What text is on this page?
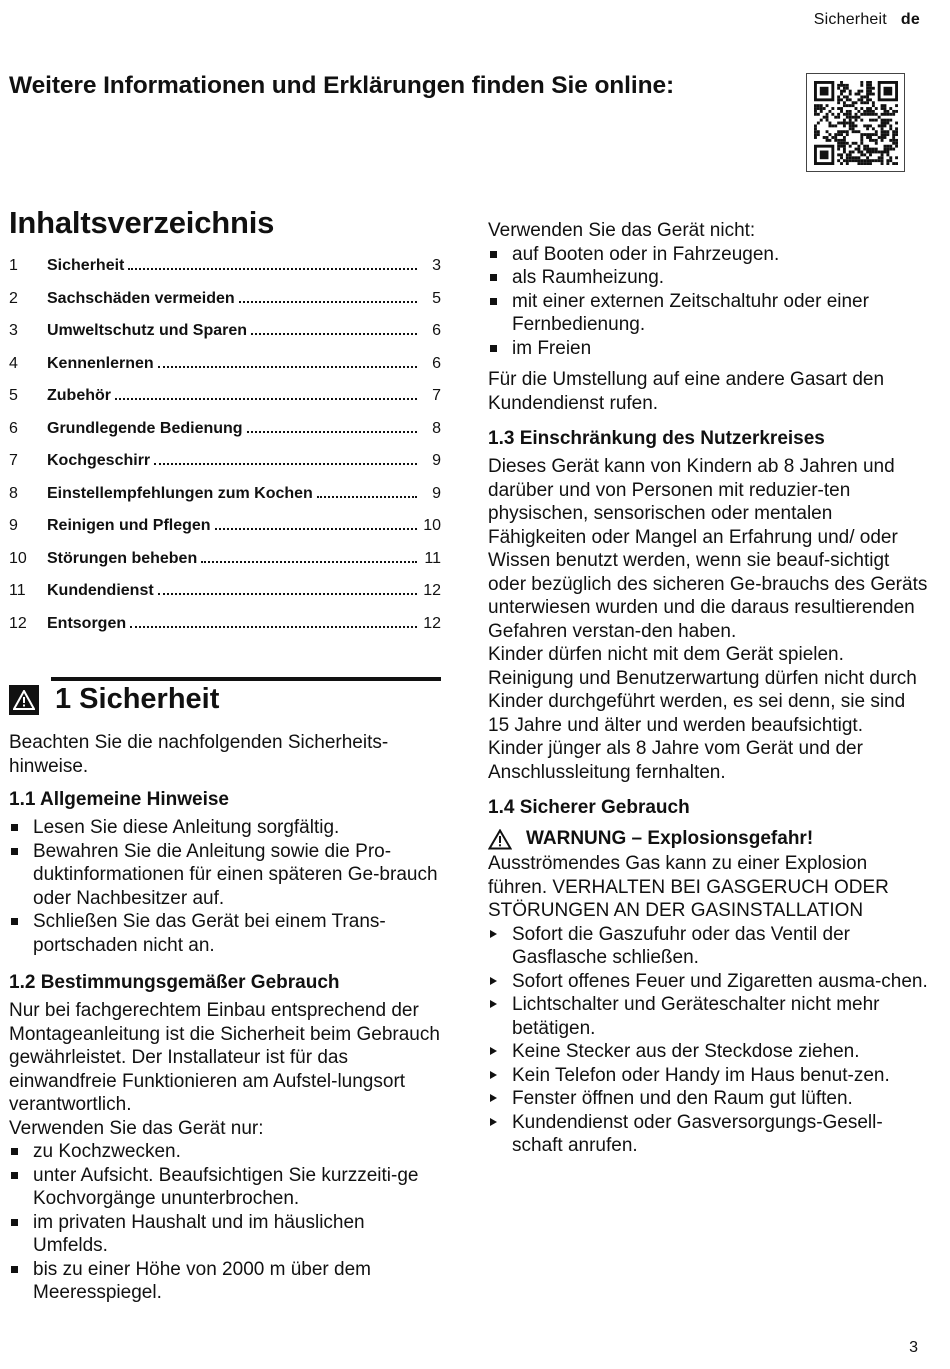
Sicherheit de
Weitere Informationen und Erklärungen finden Sie online:
Inhaltsverzeichnis
1	Sicherheit	3
2	Sachschäden vermeiden	5
3	Umweltschutz und Sparen	6
4	Kennenlernen	6
5	Zubehör	7
6	Grundlegende Bedienung	8
7	Kochgeschirr	9
8	Einstellempfehlungen zum Kochen	9
9	Reinigen und Pflegen	10
10	Störungen beheben	11
11	Kundendienst	12
12	Entsorgen	12
1 Sicherheit

Beachten Sie die nachfolgenden Sicherheits-hinweise.

1.1 Allgemeine Hinweise
Lesen Sie diese Anleitung sorgfältig.
Bewahren Sie die Anleitung sowie die Pro-duktinformationen für einen späteren Ge-brauch oder Nachbesitzer auf.
Schließen Sie das Gerät bei einem Trans-portschaden nicht an.
1.2 Bestimmungsgemäßer Gebrauch

Nur bei fachgerechtem Einbau entsprechend der Montageanleitung ist die Sicherheit beim Gebrauch gewährleistet. Der Installateur ist für das einwandfreie Funktionieren am Aufstel-lungsort verantwortlich.

Verwenden Sie das Gerät nur:

zu Kochzwecken.
unter Aufsicht. Beaufsichtigen Sie kurzzeiti-ge Kochvorgänge ununterbrochen.
im privaten Haushalt und im häuslichen Umfelds.
bis zu einer Höhe von 2000 m über dem Meeresspiegel.

Verwenden Sie das Gerät nicht:

auf Booten oder in Fahrzeugen.
als Raumheizung.
mit einer externen Zeitschaltuhr oder einer Fernbedienung.
im Freien

Für die Umstellung auf eine andere Gasart den Kundendienst rufen.

1.3 Einschränkung des Nutzerkreises

Dieses Gerät kann von Kindern ab 8 Jahren und darüber und von Personen mit reduzier-ten physischen, sensorischen oder mentalen Fähigkeiten oder Mangel an Erfahrung und/ oder Wissen benutzt werden, wenn sie beauf-sichtigt oder bezüglich des sicheren Ge-brauchs des Geräts unterwiesen wurden und die daraus resultierenden Gefahren verstan-den haben.

Kinder dürfen nicht mit dem Gerät spielen.

Reinigung und Benutzerwartung dürfen nicht durch Kinder durchgeführt werden, es sei denn, sie sind 15 Jahre und älter und werden beaufsichtigt.

Kinder jünger als 8 Jahre vom Gerät und der Anschlussleitung fernhalten.

1.4 Sicherer Gebrauch
WARNUNG – Explosionsgefahr!

Ausströmendes Gas kann zu einer Explosion führen. VERHALTEN BEI GASGERUCH ODER STÖRUNGEN AN DER GASINSTALLATION

Sofort die Gaszufuhr oder das Ventil der Gasflasche schließen.
Sofort offenes Feuer und Zigaretten ausma-chen.
Lichtschalter und Geräteschalter nicht mehr betätigen.
Keine Stecker aus der Steckdose ziehen.
Kein Telefon oder Handy im Haus benut-zen.
Fenster öffnen und den Raum gut lüften.
Kundendienst oder Gasversorgungs-Gesell-schaft anrufen.
3
